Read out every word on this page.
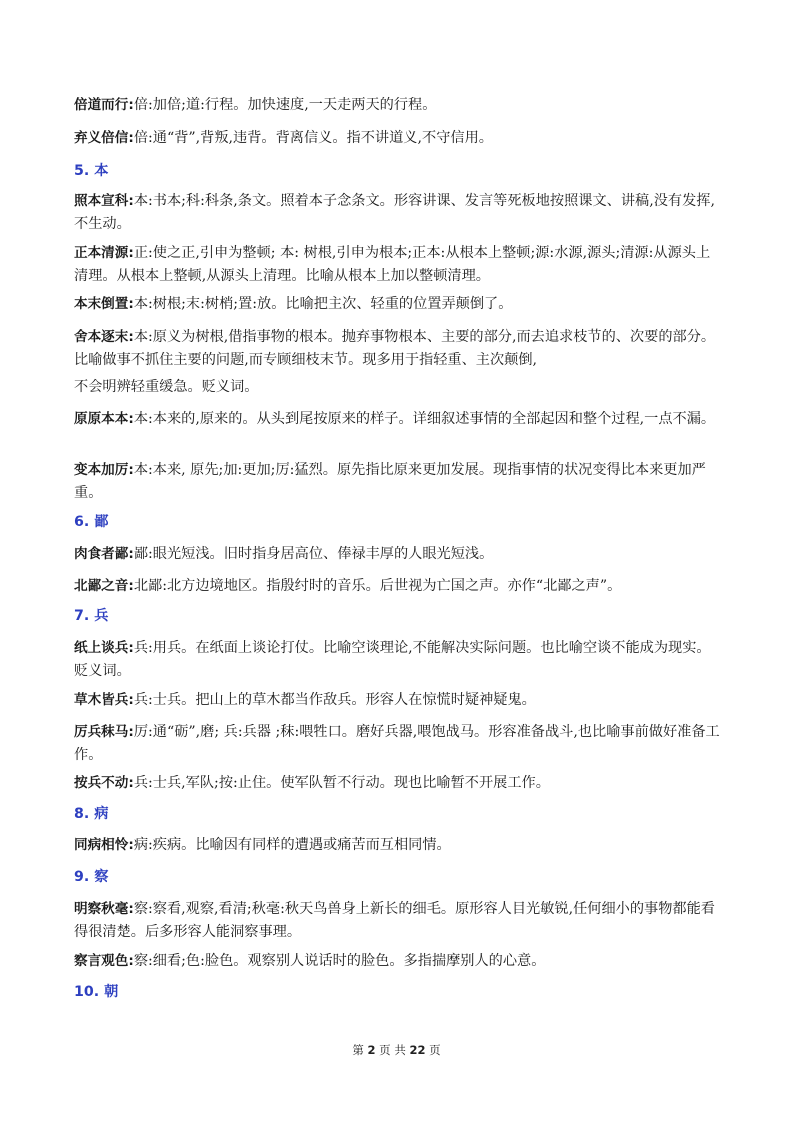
倍道而行:倍:加倍;道:行程。加快速度,一天走两天的行程。

弃义倍信:倍:通“背”,背叛,违背。背离信义。指不讲道义,不守信用。

5. 本

照本宣科:本:书本;科:科条,条文。照着本子念条文。形容讲课、发言等死板地按照课文、讲稿,没有发挥,不生动。

正本清源:正:使之正,引申为整顿; 本: 树根,引申为根本;正本:从根本上整顿;源:水源,源头;清源:从源头上清理。从根本上整顿,从源头上清理。比喻从根本上加以整顿清理。

本末倒置:本:树根;末:树梢;置:放。比喻把主次、轻重的位置弄颠倒了。

舍本逐末:本:原义为树根,借指事物的根本。抛弃事物根本、主要的部分,而去追求枝节的、次要的部分。 比喻做事不抓住主要的问题,而专顾细枝末节。现多用于指轻重、主次颠倒,

不会明辨轻重缓急。贬义词。

原原本本:本:本来的,原来的。从头到尾按原来的样子。详细叙述事情的全部起因和整个过程,一点不漏。

变本加厉:本:本来, 原先;加:更加;厉:猛烈。原先指比原来更加发展。现指事情的状况变得比本来更加严重。

6. 鄙

肉食者鄙:鄙:眼光短浅。旧时指身居高位、俸禄丰厚的人眼光短浅。

北鄙之音:北鄙:北方边境地区。指殷纣时的音乐。后世视为亡国之声。亦作“北鄙之声”。

7. 兵

纸上谈兵:兵:用兵。在纸面上谈论打仗。比喻空谈理论,不能解决实际问题。也比喻空谈不能成为现实。贬义词。

草木皆兵:兵:士兵。把山上的草木都当作敌兵。形容人在惊慌时疑神疑鬼。

厉兵秣马:厉:通“砺”,磨; 兵:兵器 ;秣:喂牲口。磨好兵器,喂饱战马。形容准备战斗,也比喻事前做好准备工作。

按兵不动:兵:士兵,军队;按:止住。使军队暂不行动。现也比喻暂不开展工作。

8. 病

同病相怜:病:疾病。比喻因有同样的遭遇或痛苦而互相同情。

9. 察

明察秋毫:察:察看,观察,看清;秋毫:秋天鸟兽身上新长的细毛。原形容人目光敏锐,任何细小的事物都能看得很清楚。后多形容人能洞察事理。

察言观色:察:细看;色:脸色。观察别人说话时的脸色。多指揣摩别人的心意。

10. 朝

第 2 页 共 22 页
